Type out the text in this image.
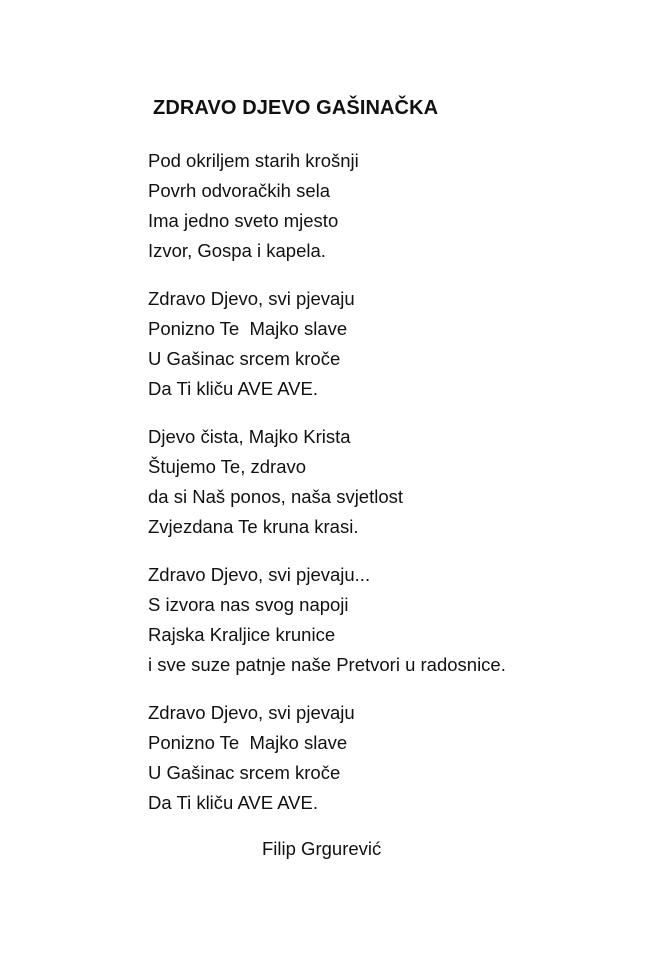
ZDRAVO DJEVO GAŠINAČKA
Pod okriljem starih krošnji
Povrh odvoračkih sela
Ima jedno sveto mjesto
Izvor, Gospa i kapela.
Zdravo Djevo, svi pjevaju
Ponizno Te  Majko slave
U Gašinac srcem kroče
Da Ti kliču AVE AVE.
Djevo čista, Majko Krista
Štujemo Te, zdravo
da si Naš ponos, naša svjetlost
Zvjezdana Te kruna krasi.
Zdravo Djevo, svi pjevaju...
S izvora nas svog napoji
Rajska Kraljice krunice
i sve suze patnje naše Pretvori u radosnice.
Zdravo Djevo, svi pjevaju
Ponizno Te  Majko slave
U Gašinac srcem kroče
Da Ti kliču AVE AVE.
Filip Grgurević
